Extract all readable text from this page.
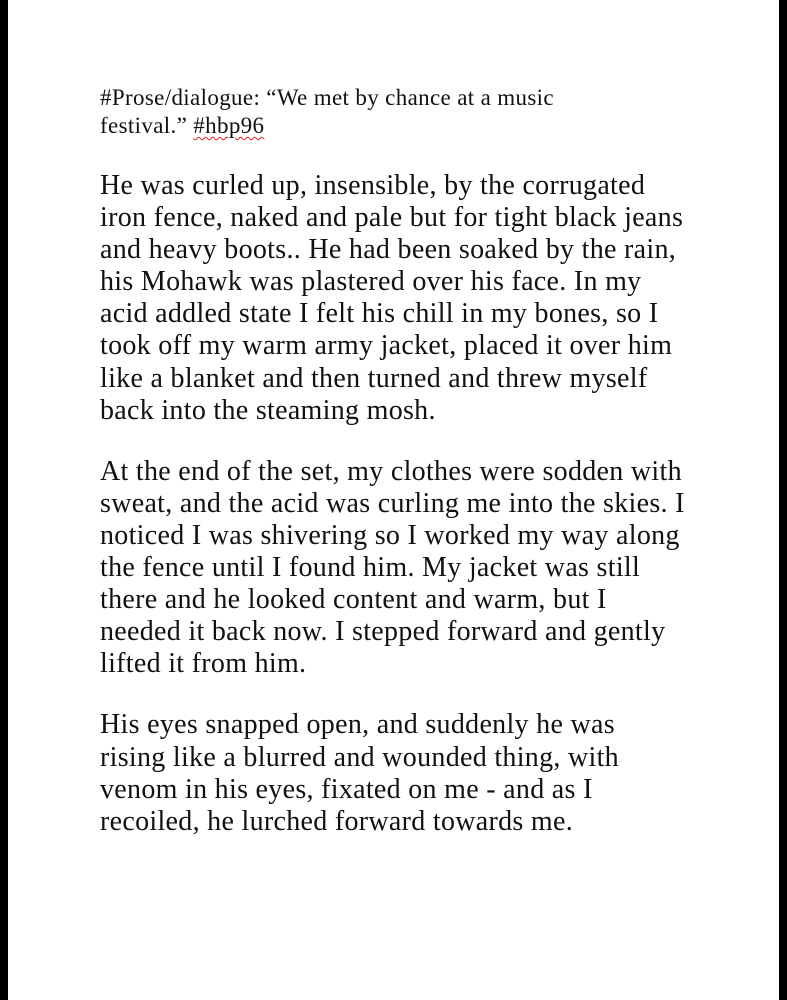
#Prose/dialogue: “We met by chance at a music
festival.” #hbp96
He was curled up, insensible, by the corrugated
iron fence, naked and pale but for tight black jeans
and heavy boots.. He had been soaked by the rain,
his Mohawk was plastered over his face. In my
acid addled state I felt his chill in my bones, so I
took off my warm army jacket, placed it over him
like a blanket and then turned and threw myself
back into the steaming mosh.
At the end of the set, my clothes were sodden with
sweat, and the acid was curling me into the skies. I
noticed I was shivering so I worked my way along
the fence until I found him. My jacket was still
there and he looked content and warm, but I
needed it back now. I stepped forward and gently
lifted it from him.
His eyes snapped open, and suddenly he was
rising like a blurred and wounded thing, with
venom in his eyes, fixated on me - and as I
recoiled, he lurched forward towards me.
